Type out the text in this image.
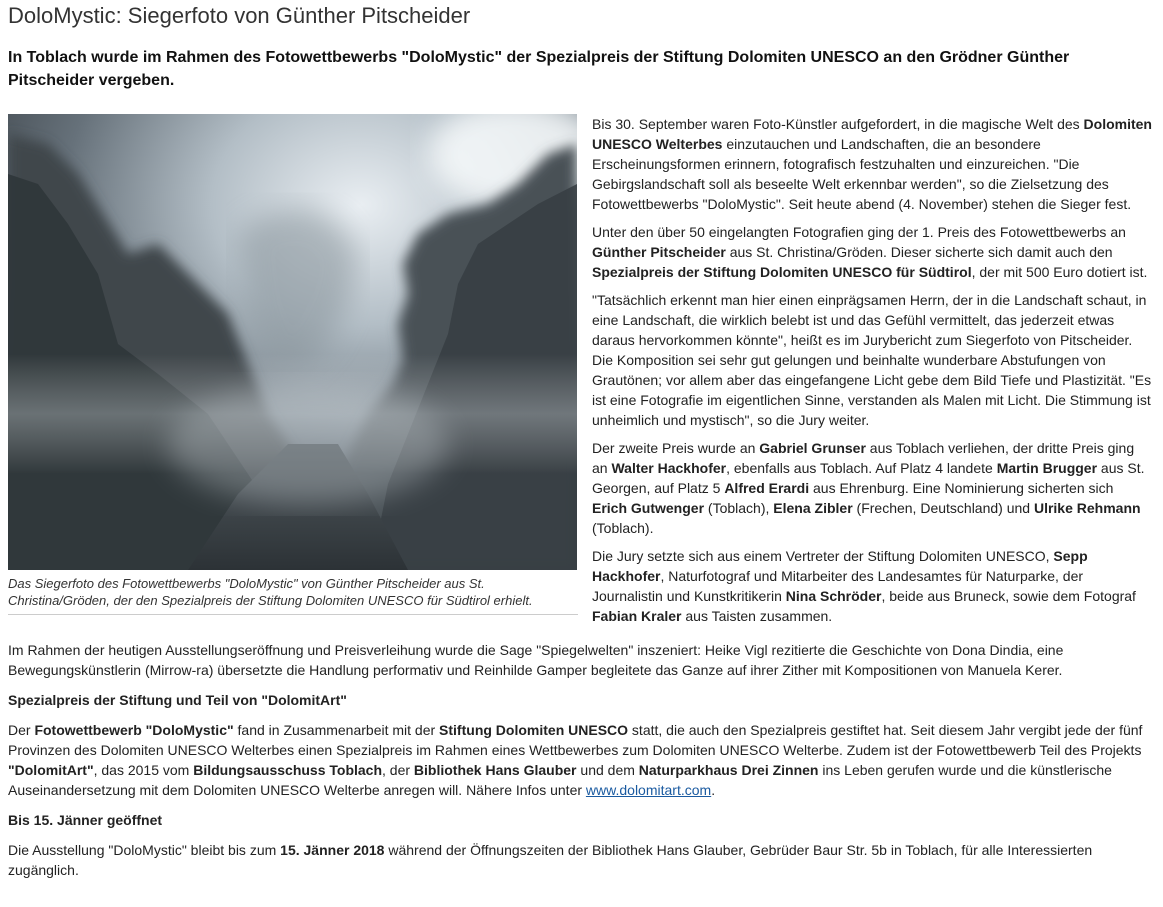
DoloMystic: Siegerfoto von Günther Pitscheider
In Toblach wurde im Rahmen des Fotowettbewerbs "DoloMystic" der Spezialpreis der Stiftung Dolomiten UNESCO an den Grödner Günther Pitscheider vergeben.
Das Siegerfoto des Fotowettbewerbs "DoloMystic" von Günther Pitscheider aus St. Christina/Gröden, der den Spezialpreis der Stiftung Dolomiten UNESCO für Südtirol erhielt.

Bis 30. September waren Foto-Künstler aufgefordert, in die magische Welt des Dolomiten UNESCO Welterbes einzutauchen und Landschaften, die an besondere Erscheinungsformen erinnern, fotografisch festzuhalten und einzureichen. "Die Gebirgslandschaft soll als beseelte Welt erkennbar werden", so die Zielsetzung des Fotowettbewerbs "DoloMystic". Seit heute abend (4. November) stehen die Sieger fest.

Unter den über 50 eingelangten Fotografien ging der 1. Preis des Fotowettbewerbs an Günther Pitscheider aus St. Christina/Gröden. Dieser sicherte sich damit auch den Spezialpreis der Stiftung Dolomiten UNESCO für Südtirol, der mit 500 Euro dotiert ist.

"Tatsächlich erkennt man hier einen einprägsamen Herrn, der in die Landschaft schaut, in eine Landschaft, die wirklich belebt ist und das Gefühl vermittelt, das jederzeit etwas daraus hervorkommen könnte", heißt es im Jurybericht zum Siegerfoto von Pitscheider. Die Komposition sei sehr gut gelungen und beinhalte wunderbare Abstufungen von Grautönen; vor allem aber das eingefangene Licht gebe dem Bild Tiefe und Plastizität. "Es ist eine Fotografie im eigentlichen Sinne, verstanden als Malen mit Licht. Die Stimmung ist unheimlich und mystisch", so die Jury weiter.

Der zweite Preis wurde an Gabriel Grunser aus Toblach verliehen, der dritte Preis ging an Walter Hackhofer, ebenfalls aus Toblach. Auf Platz 4 landete Martin Brugger aus St. Georgen, auf Platz 5 Alfred Erardi aus Ehrenburg. Eine Nominierung sicherten sich Erich Gutwenger (Toblach), Elena Zibler (Frechen, Deutschland) und Ulrike Rehmann (Toblach).

Die Jury setzte sich aus einem Vertreter der Stiftung Dolomiten UNESCO, Sepp Hackhofer, Naturfotograf und Mitarbeiter des Landesamtes für Naturparke, der Journalistin und Kunstkritikerin Nina Schröder, beide aus Bruneck, sowie dem Fotograf Fabian Kraler aus Taisten zusammen.

Im Rahmen der heutigen Ausstellungseröffnung und Preisverleihung wurde die Sage "Spiegelwelten" inszeniert: Heike Vigl rezitierte die Geschichte von Dona Dindia, eine Bewegungskünstlerin (Mirrow-ra) übersetzte die Handlung performativ und Reinhilde Gamper begleitete das Ganze auf ihrer Zither mit Kompositionen von Manuela Kerer.

Spezialpreis der Stiftung und Teil von "DolomitArt"

Der Fotowettbewerb "DoloMystic" fand in Zusammenarbeit mit der Stiftung Dolomiten UNESCO statt, die auch den Spezialpreis gestiftet hat. Seit diesem Jahr vergibt jede der fünf Provinzen des Dolomiten UNESCO Welterbes einen Spezialpreis im Rahmen eines Wettbewerbes zum Dolomiten UNESCO Welterbe. Zudem ist der Fotowettbewerb Teil des Projekts "DolomitArt", das 2015 vom Bildungsausschuss Toblach, der Bibliothek Hans Glauber und dem Naturparkhaus Drei Zinnen ins Leben gerufen wurde und die künstlerische Auseinandersetzung mit dem Dolomiten UNESCO Welterbe anregen will. Nähere Infos unter www.dolomitart.com.

Bis 15. Jänner geöffnet

Die Ausstellung "DoloMystic" bleibt bis zum 15. Jänner 2018 während der Öffnungszeiten der Bibliothek Hans Glauber, Gebrüder Baur Str. 5b in Toblach, für alle Interessierten zugänglich.
